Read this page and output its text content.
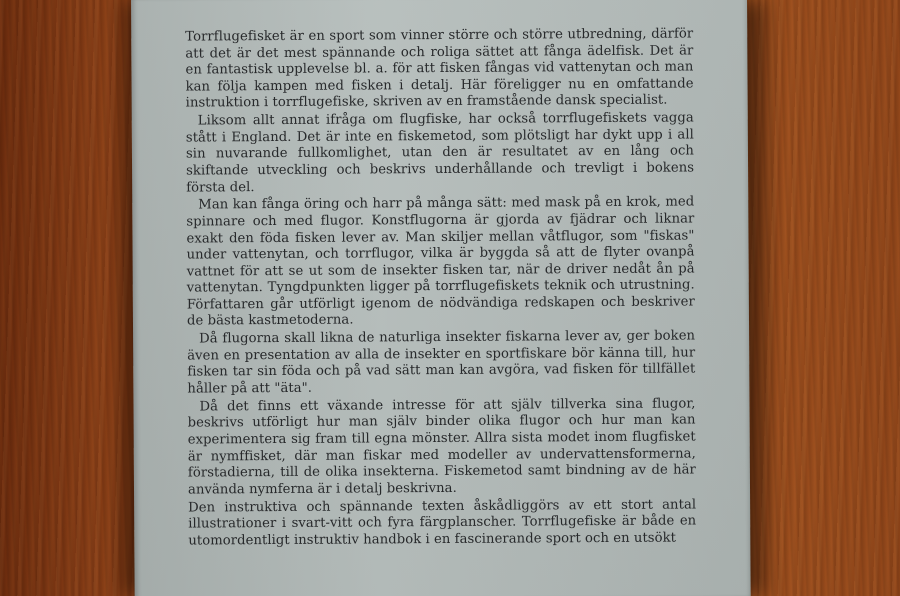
Torrflugefisket är en sport som vinner större och större utbredning, därför att det är det mest spännande och roliga sättet att fånga ädelfisk. Det är en fantastisk upplevelse bl. a. för att fisken fångas vid vattenytan och man kan följa kampen med fisken i detalj. Här föreligger nu en omfattande instruktion i torrflugefiske, skriven av en framstående dansk specialist.

Liksom allt annat ifråga om flugfiske, har också torrflugefiskets vagga stått i England. Det är inte en fiskemetod, som plötsligt har dykt upp i all sin nuvarande fullkomlighet, utan den är resultatet av en lång och skiftande utveckling och beskrivs underhållande och trevligt i bokens första del.

Man kan fånga öring och harr på många sätt: med mask på en krok, med spinnare och med flugor. Konstflugorna är gjorda av fjädrar och liknar exakt den föda fisken lever av. Man skiljer mellan våtflugor, som "fiskas" under vattenytan, och torrflugor, vilka är byggda så att de flyter ovanpå vattnet för att se ut som de insekter fisken tar, när de driver nedåt ån på vattenytan. Tyngdpunkten ligger på torrflugefiskets teknik och utrustning. Författaren går utförligt igenom de nödvändiga redskapen och beskriver de bästa kastmetoderna.

Då flugorna skall likna de naturliga insekter fiskarna lever av, ger boken även en presentation av alla de insekter en sportfiskare bör känna till, hur fisken tar sin föda och på vad sätt man kan avgöra, vad fisken för tillfället håller på att "äta".

Då det finns ett växande intresse för att själv tillverka sina flugor, beskrivs utförligt hur man själv binder olika flugor och hur man kan experimentera sig fram till egna mönster. Allra sista modet inom flugfisket är nymffisket, där man fiskar med modeller av undervattensformerna, förstadierna, till de olika insekterna. Fiskemetod samt bindning av de här använda nymferna är i detalj beskrivna.

Den instruktiva och spännande texten åskådliggörs av ett stort antal illustrationer i svart-vitt och fyra färgplanscher. Torrflugefiske är både en utomordentligt instruktiv handbok i en fascinerande sport och en utsökt
